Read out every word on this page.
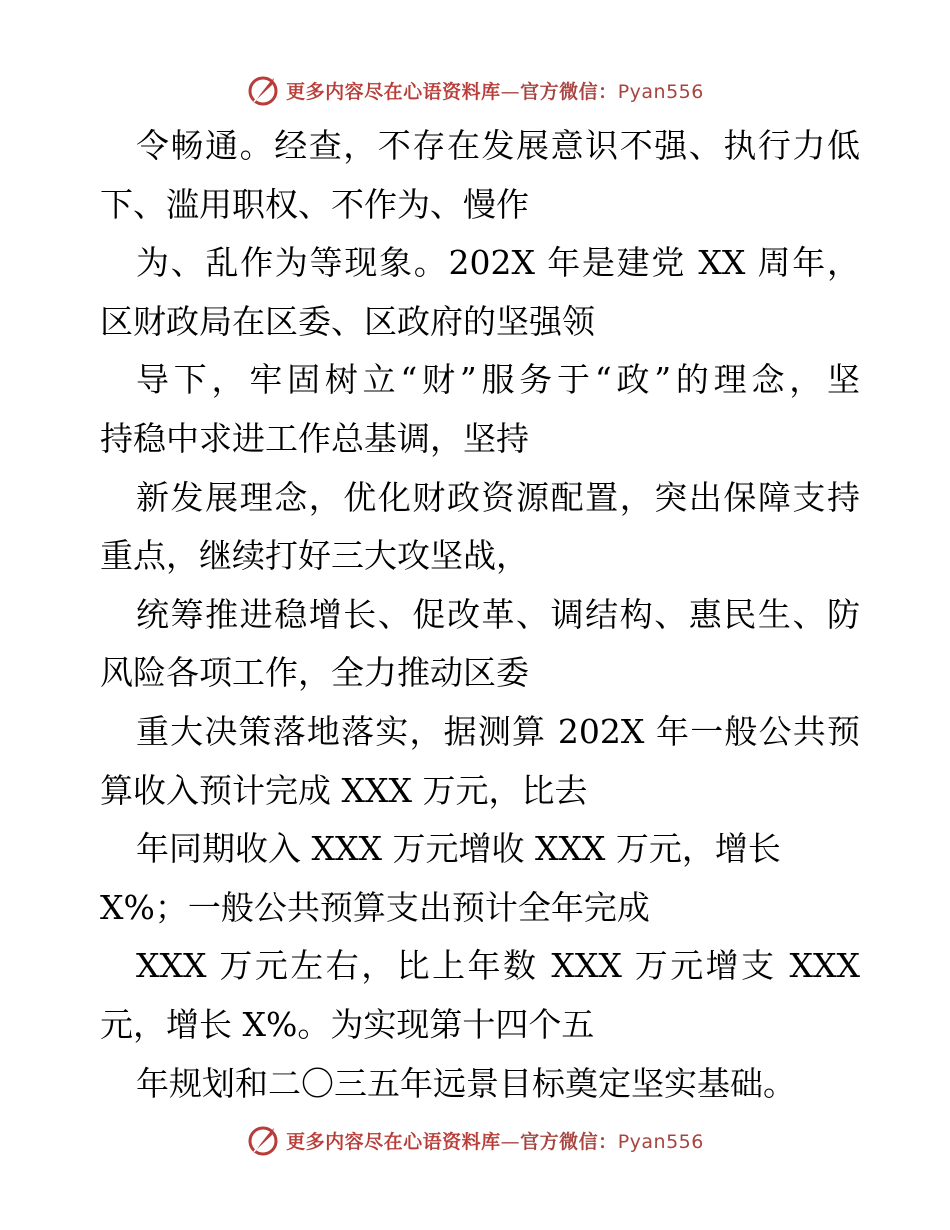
更多内容尽在心语资料库—官方微信：Pyan556
令畅通。经查，不存在发展意识不强、执行力低
下、滥用职权、不作为、慢作
为、乱作为等现象。202X 年是建党 XX 周年，
区财政局在区委、区政府的坚强领
导下，牢固树立“财”服务于“政”的理念，坚
持稳中求进工作总基调，坚持
新发展理念，优化财政资源配置，突出保障支持
重点，继续打好三大攻坚战，
统筹推进稳增长、促改革、调结构、惠民生、防
风险各项工作，全力推动区委
重大决策落地落实，据测算 202X 年一般公共预
算收入预计完成 XXX 万元，比去
年同期收入 XXX 万元增收 XXX 万元，增长
X%；一般公共预算支出预计全年完成
XXX 万元左右，比上年数 XXX 万元增支 XXX
元，增长 X%。为实现第十四个五
年规划和二〇三五年远景目标奠定坚实基础。
更多内容尽在心语资料库—官方微信：Pyan556
